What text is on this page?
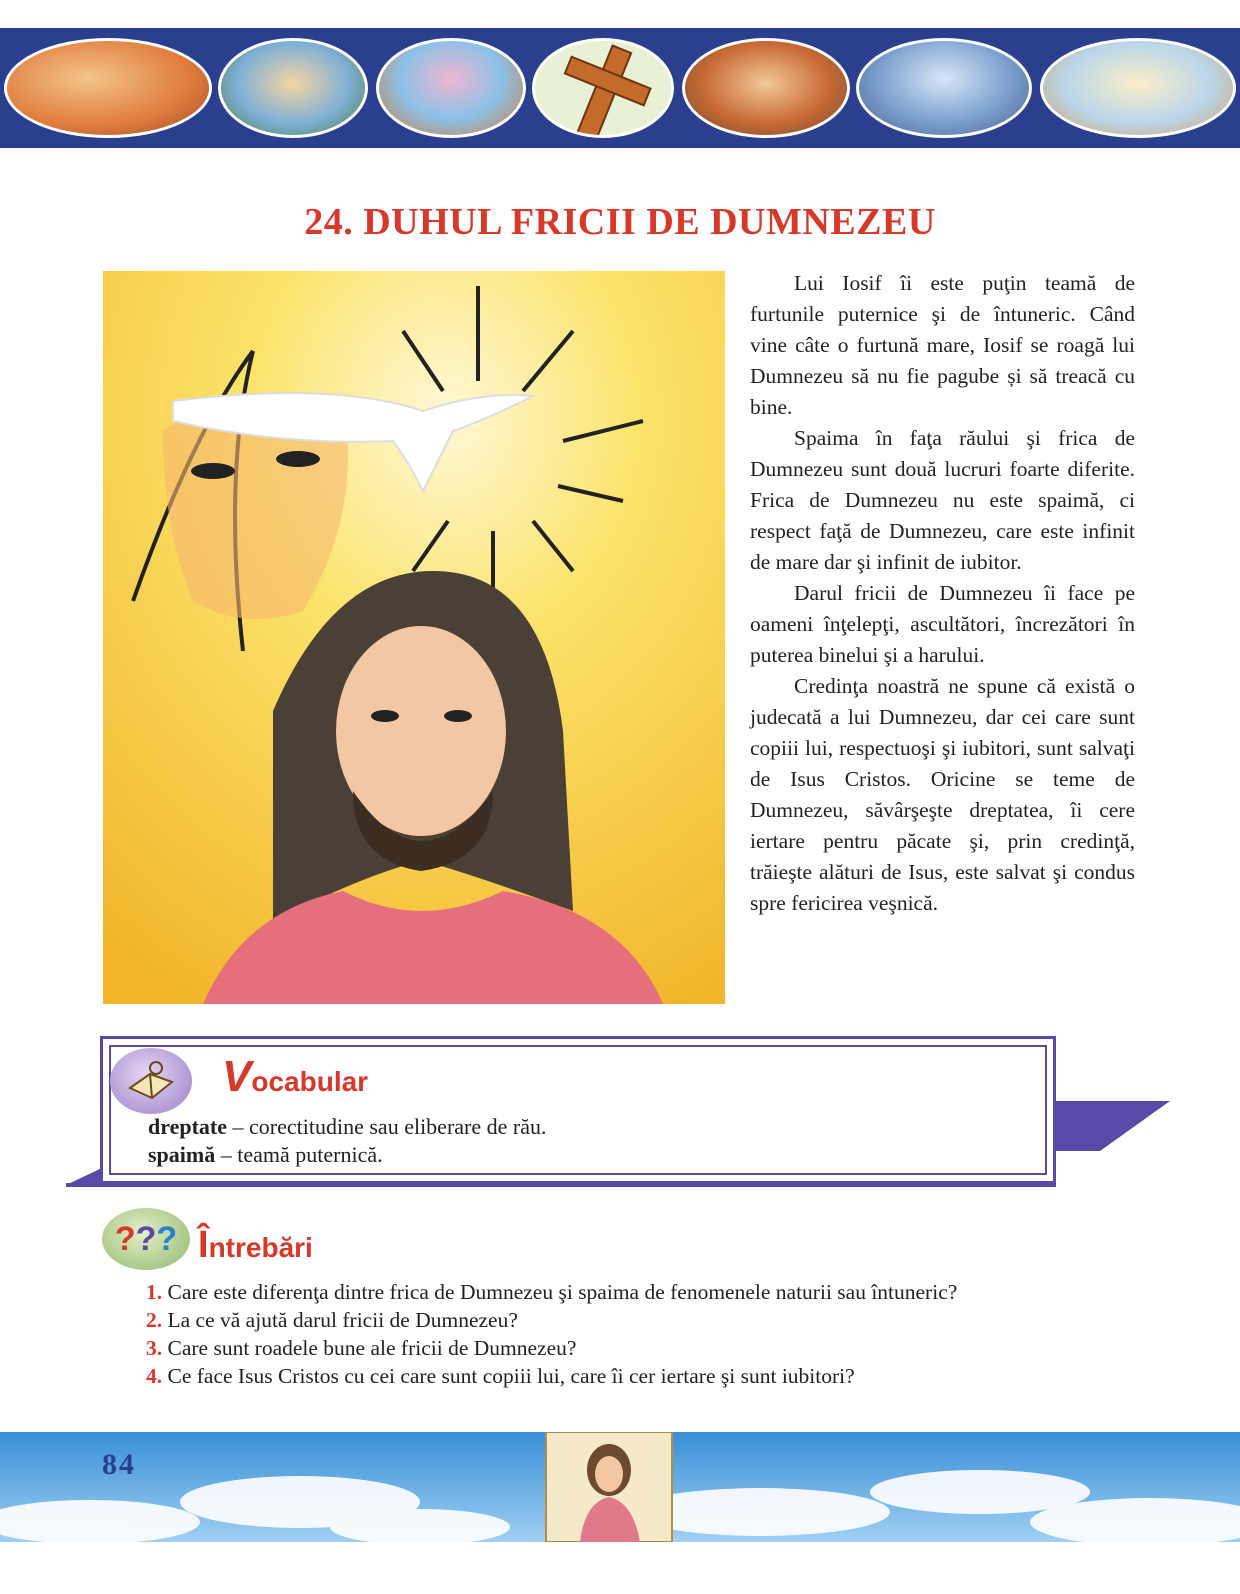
24. DUHUL FRICII DE DUMNEZEU

Lui Iosif îi este puţin teamă de furtunile puternice şi de întuneric. Când vine câte o furtună mare, Iosif se roagă lui Dumnezeu să nu fie pagube și să treacă cu bine.

Spaima în faţa răului şi frica de Dumnezeu sunt două lucruri foarte diferite. Frica de Dumnezeu nu este spaimă, ci respect faţă de Dumnezeu, care este infinit de mare dar şi infinit de iubitor.

Darul fricii de Dumnezeu îi face pe oameni înţelepţi, ascultători, încrezători în puterea binelui şi a harului.

Credinţa noastră ne spune că există o judecată a lui Dumnezeu, dar cei care sunt copiii lui, respectuoşi şi iubitori, sunt salvaţi de Isus Cristos. Oricine se teme de Dumnezeu, săvârşeşte dreptatea, îi cere iertare pentru păcate şi, prin credinţă, trăieşte alături de Isus, este salvat şi condus spre fericirea veşnică.

Vocabular
dreptate – corectitudine sau eliberare de rău.
spaimă – teamă puternică.
??? Întrebări

1. Care este diferenţa dintre frica de Dumnezeu şi spaima de fenomenele naturii sau întuneric?

2. La ce vă ajută darul fricii de Dumnezeu?

3. Care sunt roadele bune ale fricii de Dumnezeu?

4. Ce face Isus Cristos cu cei care sunt copiii lui, care îi cer iertare şi sunt iubitori?

84
